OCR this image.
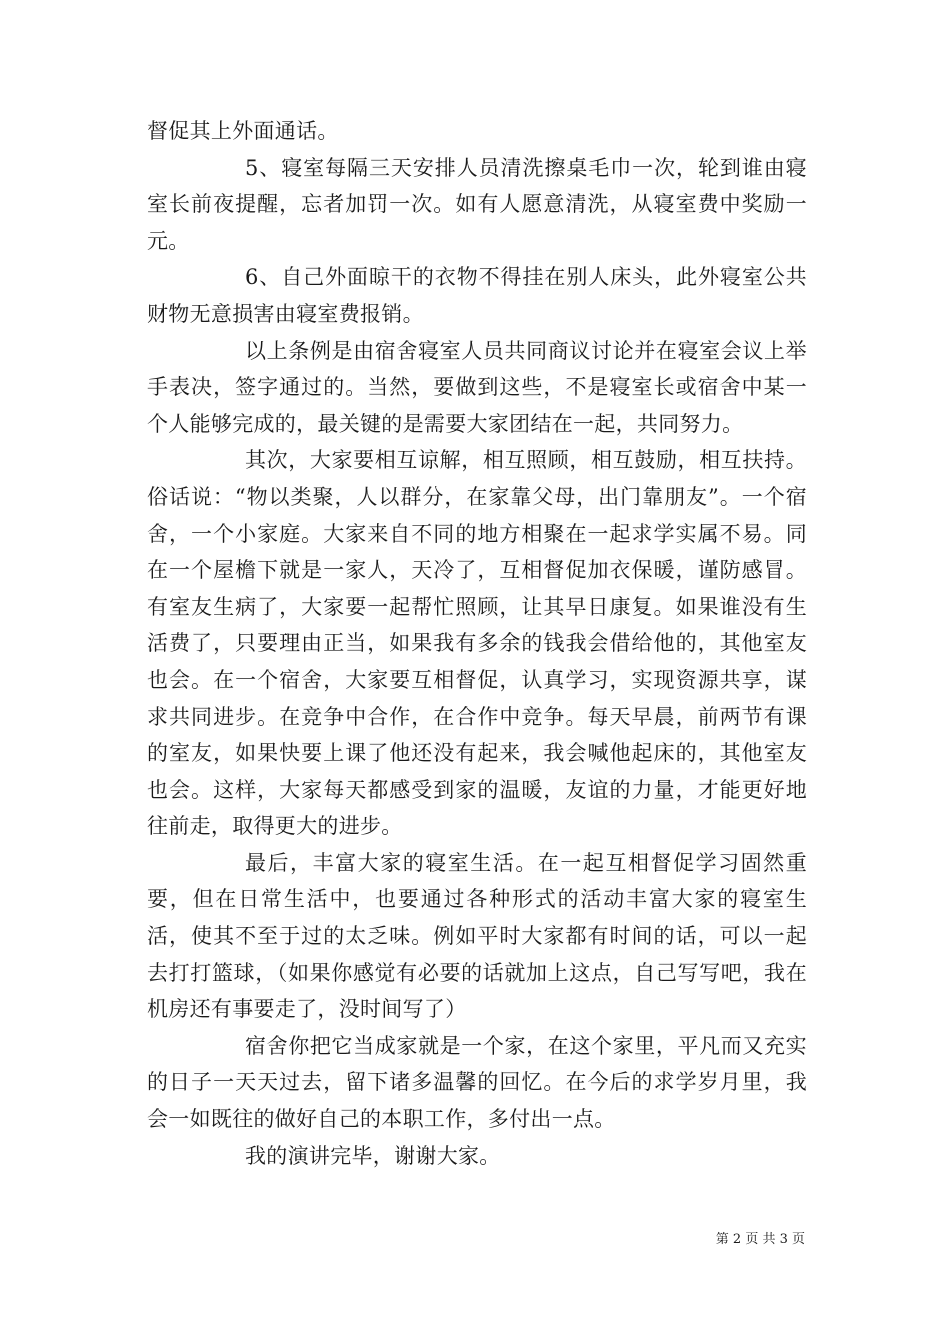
督促其上外面通话。

5、寝室每隔三天安排人员清洗擦桌毛巾一次，轮到谁由寝室长前夜提醒，忘者加罚一次。如有人愿意清洗，从寝室费中奖励一元。

6、自己外面晾干的衣物不得挂在别人床头，此外寝室公共财物无意损害由寝室费报销。

以上条例是由宿舍寝室人员共同商议讨论并在寝室会议上举手表决，签字通过的。当然，要做到这些，不是寝室长或宿舍中某一个人能够完成的，最关键的是需要大家团结在一起，共同努力。

其次，大家要相互谅解，相互照顾，相互鼓励，相互扶持。俗话说：“物以类聚，人以群分，在家靠父母，出门靠朋友”。一个宿舍，一个小家庭。大家来自不同的地方相聚在一起求学实属不易。同在一个屋檐下就是一家人，天冷了，互相督促加衣保暖，谨防感冒。有室友生病了，大家要一起帮忙照顾，让其早日康复。如果谁没有生活费了，只要理由正当，如果我有多余的钱我会借给他的，其他室友也会。在一个宿舍，大家要互相督促，认真学习，实现资源共享，谋求共同进步。在竞争中合作，在合作中竞争。每天早晨，前两节有课的室友，如果快要上课了他还没有起来，我会喊他起床的，其他室友也会。这样，大家每天都感受到家的温暖，友谊的力量，才能更好地往前走，取得更大的进步。

最后，丰富大家的寝室生活。在一起互相督促学习固然重要，但在日常生活中，也要通过各种形式的活动丰富大家的寝室生活，使其不至于过的太乏味。例如平时大家都有时间的话，可以一起去打打篮球，（如果你感觉有必要的话就加上这点，自己写写吧，我在机房还有事要走了，没时间写了）

宿舍你把它当成家就是一个家，在这个家里，平凡而又充实的日子一天天过去，留下诸多温馨的回忆。在今后的求学岁月里，我会一如既往的做好自己的本职工作，多付出一点。

我的演讲完毕，谢谢大家。

第 2 页 共 3 页
